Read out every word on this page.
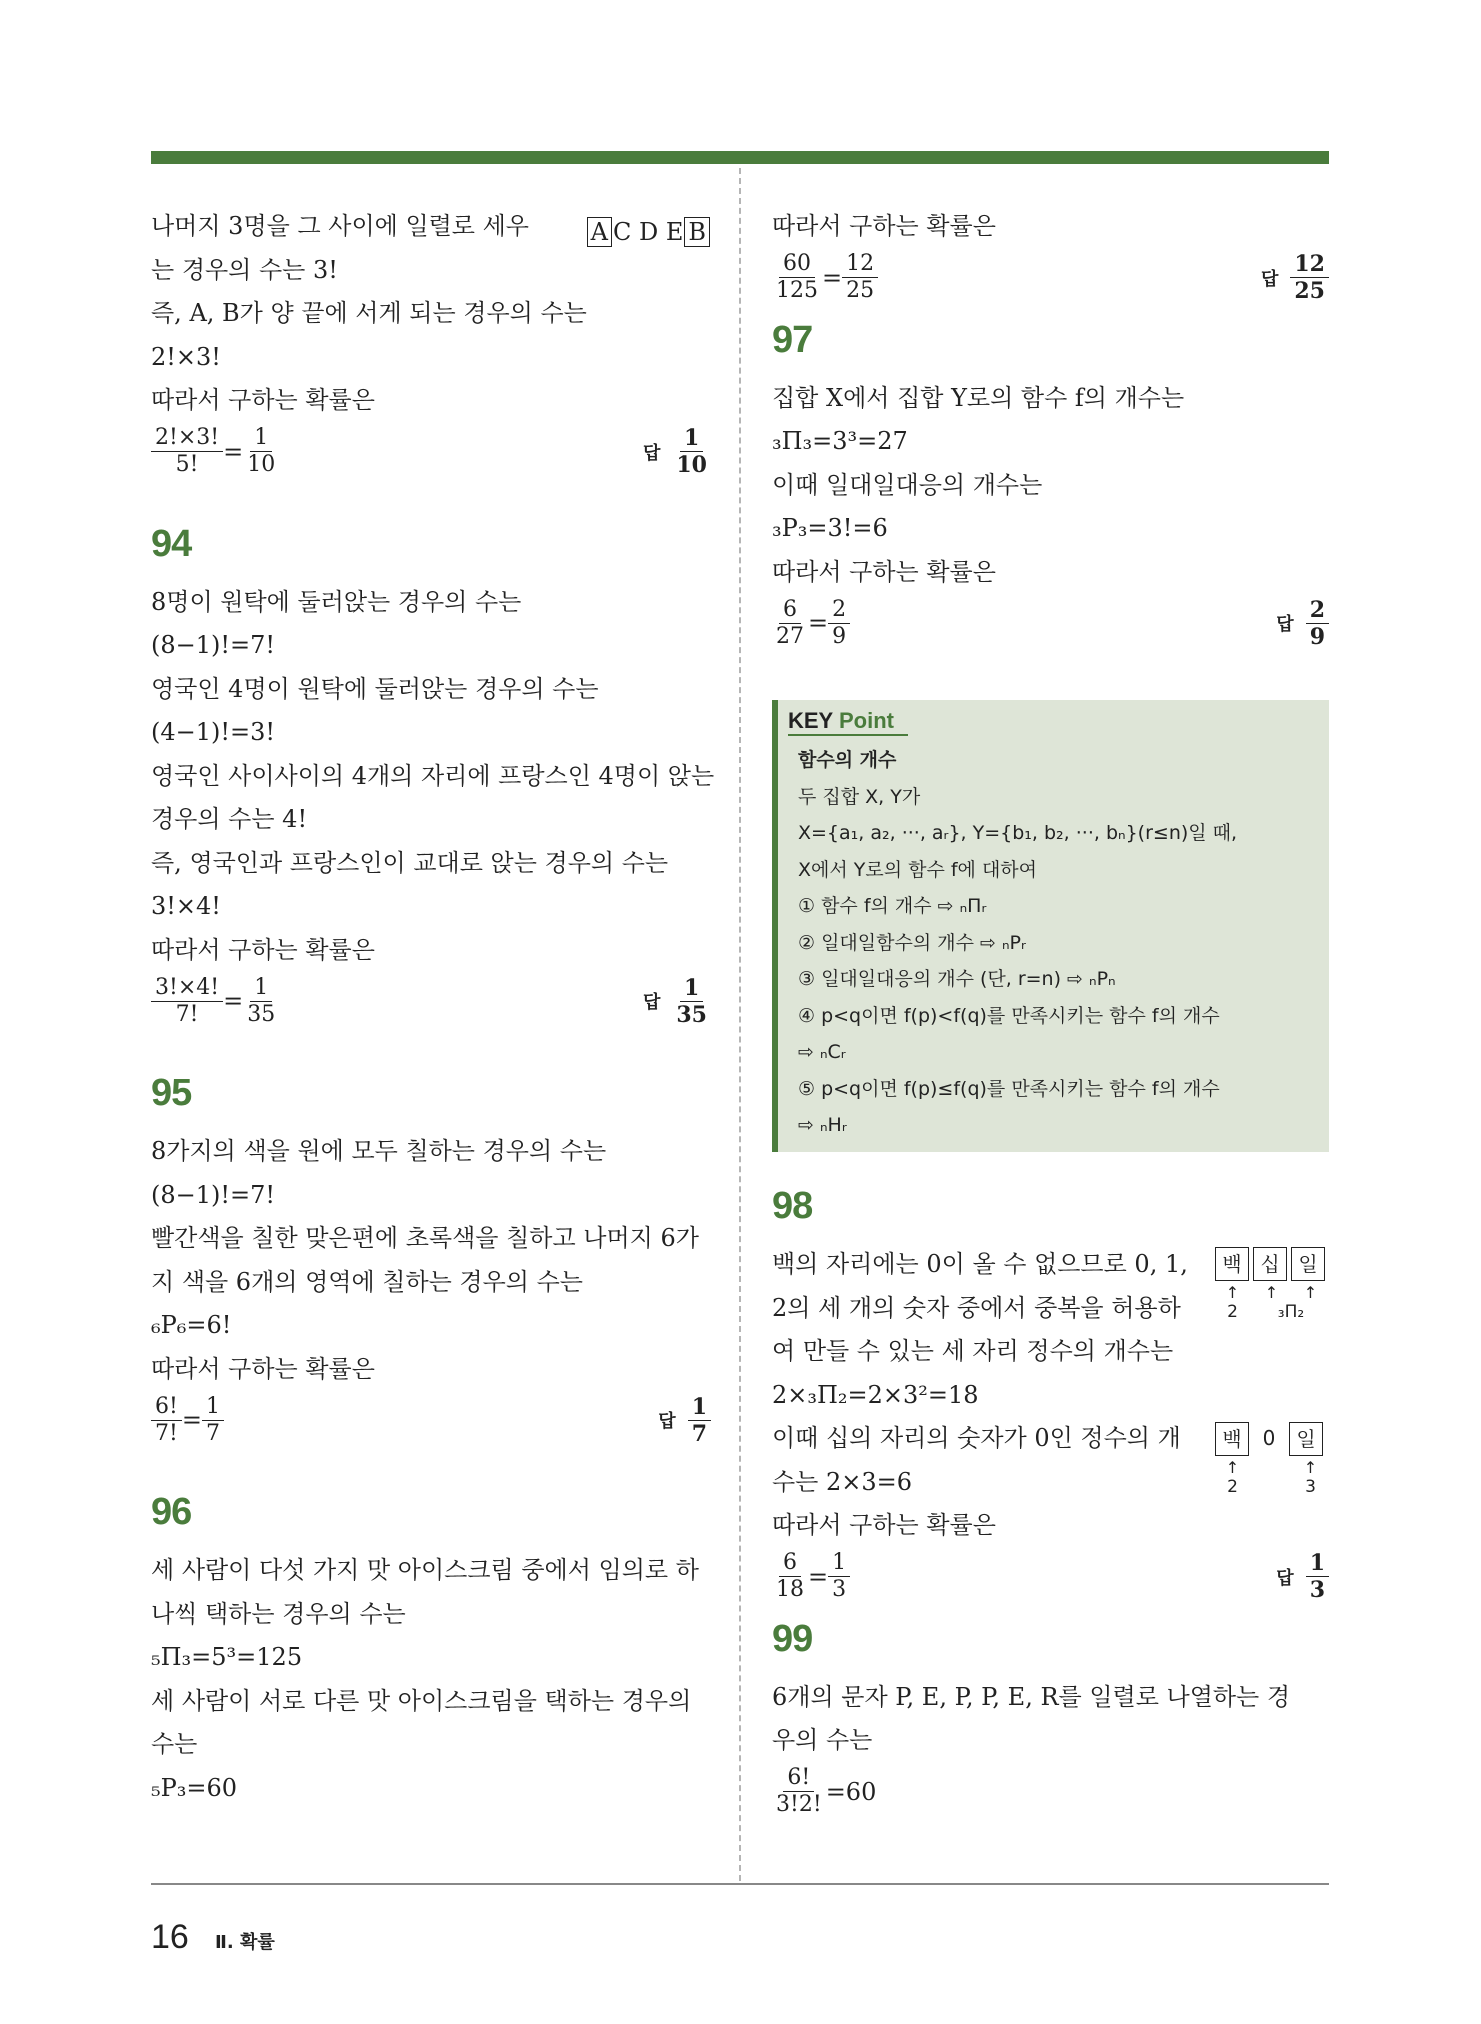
나머지 3명을 그 사이에 일렬로 세우	A C D E B
는 경우의 수는 3!
즉, A, B가 양 끝에 서게 되는 경우의 수는
2!×3!
따라서 구하는 확률은
$\frac{2!\times 3!}{5!} = \frac{1}{10}$	답 $\frac{1}{10}$
94
8명이 원탁에 둘러앉는 경우의 수는
(8−1)!=7!
영국인 4명이 원탁에 둘러앉는 경우의 수는
(4−1)!=3!
영국인 사이사이의 4개의 자리에 프랑스인 4명이 앉는
경우의 수는 4!
즉, 영국인과 프랑스인이 교대로 앉는 경우의 수는
3!×4!
따라서 구하는 확률은
$\frac{3!\times 4!}{7!} = \frac{1}{35}$	답 $\frac{1}{35}$
95
8가지의 색을 원에 모두 칠하는 경우의 수는
(8−1)!=7!
빨간색을 칠한 맞은편에 초록색을 칠하고 나머지 6가
지 색을 6개의 영역에 칠하는 경우의 수는
₆P₆=6!
따라서 구하는 확률은
$\frac{6!}{7!} = \frac{1}{7}$	답 $\frac{1}{7}$
96
세 사람이 다섯 가지 맛 아이스크림 중에서 임의로 하
나씩 택하는 경우의 수는
₅Π₃=5³=125
세 사람이 서로 다른 맛 아이스크림을 택하는 경우의
수는
₅P₃=60
따라서 구하는 확률은
$\frac{60}{125} = \frac{12}{25}$	답 $\frac{12}{25}$
97
집합 X에서 집합 Y로의 함수 f의 개수는
₃Π₃=3³=27
이때 일대일대응의 개수는
₃P₃=3!=6
따라서 구하는 확률은
$\frac{6}{27} = \frac{2}{9}$	답 $\frac{2}{9}$
KEY Point
함수의 개수
두 집합 X, Y가
X={a₁, a₂, ···, aᵣ}, Y={b₁, b₂, ···, bₙ}(r≤n)일 때,
X에서 Y로의 함수 f에 대하여
① 함수 f의 개수 ⇨ ₙΠᵣ
② 일대일함수의 개수 ⇨ ₙPᵣ
③ 일대일대응의 개수 (단, r=n) ⇨ ₙPₙ
④ p<q이면 f(p)<f(q)를 만족시키는 함수 f의 개수
⇨ ₙCᵣ
⑤ p<q이면 f(p)≤f(q)를 만족시키는 함수 f의 개수
⇨ ₙHᵣ
98
백의 자리에는 0이 올 수 없으므로 0, 1,
2의 세 개의 숫자 중에서 중복을 허용하
여 만들 수 있는 세 자리 정수의 개수는
2×₃Π₂=2×3²=18
이때 십의 자리의 숫자가 0인 정수의 개
수는 2×3=6
따라서 구하는 확률은
$\frac{6}{18} = \frac{1}{3}$	답 $\frac{1}{3}$
99
6개의 문자 P, E, P, P, E, R를 일렬로 나열하는 경
우의 수는
$\frac{6!}{3!2!} =60$
백 십 일
↑	↑	↑
2	₃Π₂
백	0	일
↑	↑
2	3
16 Ⅱ. 확률
